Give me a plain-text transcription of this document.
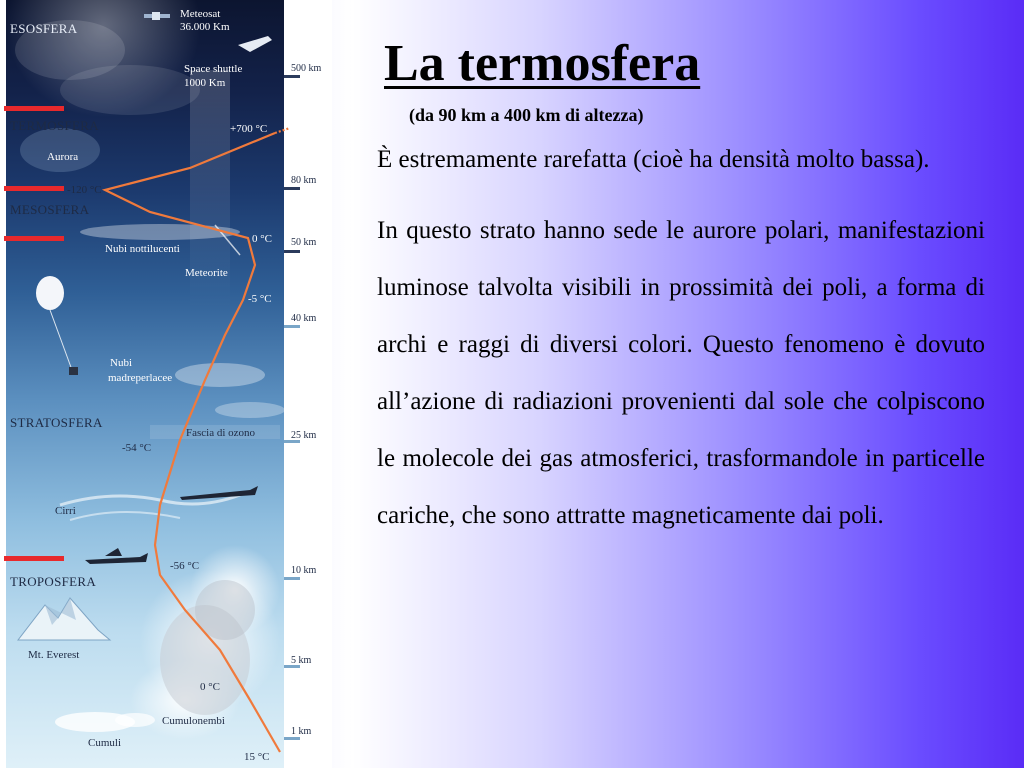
500 km
80 km
50 km
40 km
25 km
10 km
5 km
1 km
ESOSFERA
TERMOSFERA
MESOSFERA
STRATOSFERA
TROPOSFERA
+700 °C
-120 °C
0 °C
-5 °C
-54 °C
-56 °C
0 °C
15 °C
Meteosat
36.000 Km
Space shuttle
1000 Km
Aurora
Nubi nottilucenti
Meteorite
Nubi
madreperlacee
Fascia di ozono
Cirri
Mt. Everest
Cumulonembi
Cumuli
La termosfera

(da 90 km a 400 km di altezza)

È estremamente rarefatta (cioè ha densità molto bassa).

In questo strato hanno sede le aurore polari, manifestazioni luminose talvolta visibili in prossimità dei poli, a forma di archi e raggi di diversi colori. Questo fenomeno è dovuto all’azione di radiazioni provenienti dal sole che colpiscono le molecole dei gas atmosferici, trasformandole in particelle cariche, che sono attratte magneticamente dai poli.
